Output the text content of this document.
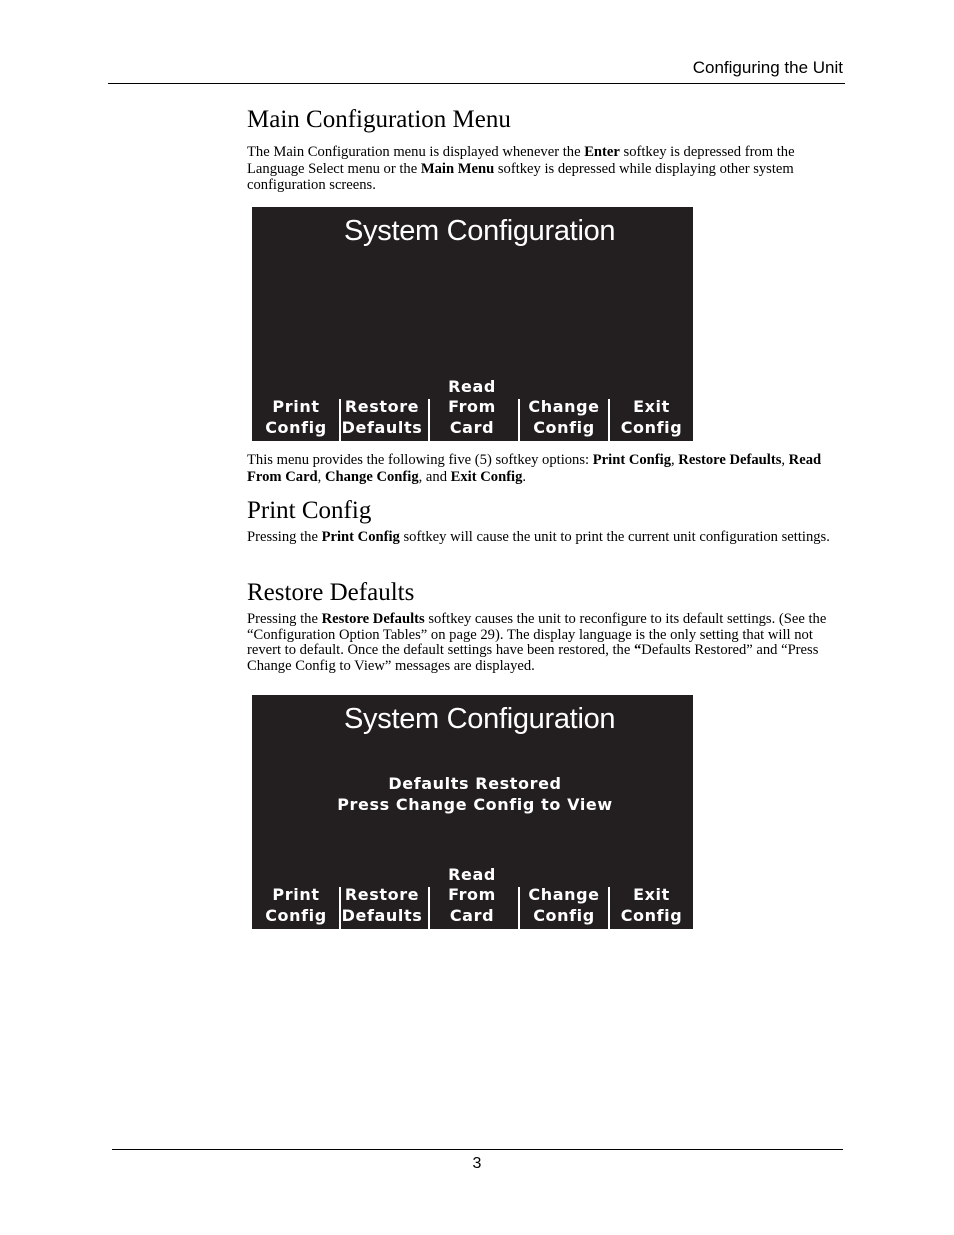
Configuring the Unit
Main Configuration Menu

The Main Configuration menu is displayed whenever the Enter softkey is depressed from the Language Select menu or the Main Menu softkey is depressed while displaying other system configuration screens.

System Configuration
Print
Config
Restore
Defaults
Read
From
Card
Change
Config
Exit
Config

This menu provides the following five (5) softkey options: Print Config, Restore Defaults, Read From Card, Change Config, and Exit Config.

Print Config

Pressing the Print Config softkey will cause the unit to print the current unit configuration settings.

Restore Defaults

Pressing the Restore Defaults softkey causes the unit to reconfigure to its default settings. (See the “Configuration Option Tables” on page 29). The display language is the only setting that will not revert to default. Once the default settings have been restored, the “Defaults Restored” and “Press Change Config to View” messages are displayed.

System Configuration
Defaults Restored
Press Change Config to View
Print
Config
Restore
Defaults
Read
From
Card
Change
Config
Exit
Config
3
